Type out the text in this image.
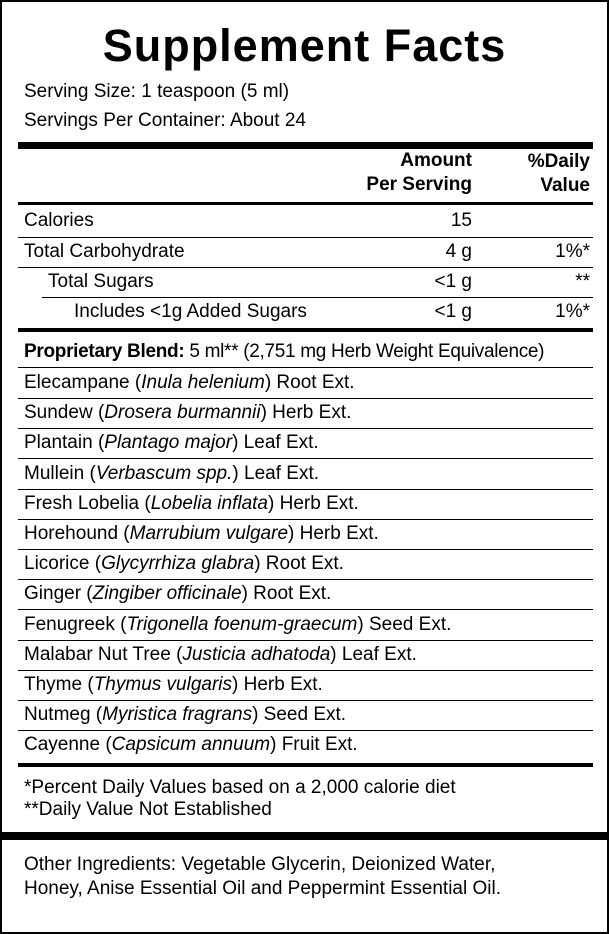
Supplement Facts
Serving Size: 1 teaspoon (5 ml)
Servings Per Container: About 24
Amount
Per Serving
%Daily
Value
Calories	15
Total Carbohydrate	4 g	1%*
Total Sugars	<1 g	**
Includes <1g Added Sugars	<1 g	1%*
Proprietary Blend: 5 ml** (2,751 mg Herb Weight Equivalence)
Elecampane (Inula helenium) Root Ext.
Sundew (Drosera burmannii) Herb Ext.
Plantain (Plantago major) Leaf Ext.
Mullein (Verbascum spp.) Leaf Ext.
Fresh Lobelia (Lobelia inflata) Herb Ext.
Horehound (Marrubium vulgare) Herb Ext.
Licorice (Glycyrrhiza glabra) Root Ext.
Ginger (Zingiber officinale) Root Ext.
Fenugreek (Trigonella foenum-graecum) Seed Ext.
Malabar Nut Tree (Justicia adhatoda) Leaf Ext.
Thyme (Thymus vulgaris) Herb Ext.
Nutmeg (Myristica fragrans) Seed Ext.
Cayenne (Capsicum annuum) Fruit Ext.
*Percent Daily Values based on a 2,000 calorie diet
**Daily Value Not Established
Other Ingredients: Vegetable Glycerin, Deionized Water,
Honey, Anise Essential Oil and Peppermint Essential Oil.
